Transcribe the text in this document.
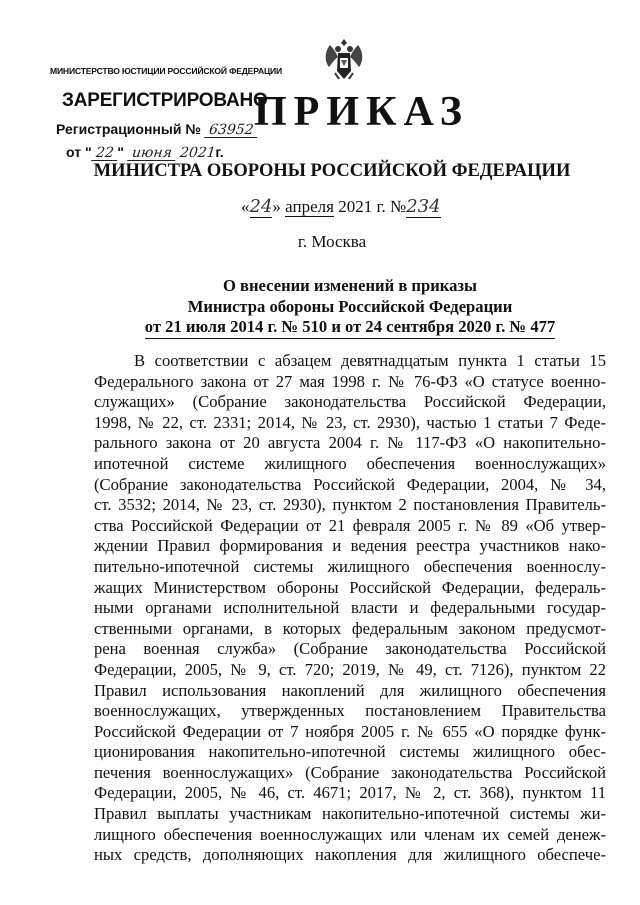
МИНИСТЕРСТВО ЮСТИЦИИ РОССИЙСКОЙ ФЕДЕРАЦИИ
ЗАРЕГИСТРИРОВАНО
Регистрационный № 63952
от " 22 " июня 2021г.
ПРИКАЗ
МИНИСТРА ОБОРОНЫ РОССИЙСКОЙ ФЕДЕРАЦИИ
«24» апреля 2021 г. №234
г. Москва
О внесении изменений в приказы
Министра обороны Российской Федерации
от 21 июля 2014 г. № 510 и от 24 сентября 2020 г. № 477
В соответствии с абзацем девятнадцатым пункта 1 статьи 15
Федерального закона от 27 мая 1998 г. № 76-ФЗ «О статусе военно-
служащих» (Собрание законодательства Российской Федерации,
1998, № 22, ст. 2331; 2014, № 23, ст. 2930), частью 1 статьи 7 Феде-
рального закона от 20 августа 2004 г. № 117-ФЗ «О накопительно-
ипотечной системе жилищного обеспечения военнослужащих»
(Собрание законодательства Российской Федерации, 2004, № 34,
ст. 3532; 2014, № 23, ст. 2930), пунктом 2 постановления Правитель-
ства Российской Федерации от 21 февраля 2005 г. № 89 «Об утвер-
ждении Правил формирования и ведения реестра участников нако-
пительно-ипотечной системы жилищного обеспечения военнослу-
жащих Министерством обороны Российской Федерации, федераль-
ными органами исполнительной власти и федеральными государ-
ственными органами, в которых федеральным законом предусмот-
рена военная служба» (Собрание законодательства Российской
Федерации, 2005, № 9, ст. 720; 2019, № 49, ст. 7126), пунктом 22
Правил использования накоплений для жилищного обеспечения
военнослужащих, утвержденных постановлением Правительства
Российской Федерации от 7 ноября 2005 г. № 655 «О порядке функ-
ционирования накопительно-ипотечной системы жилищного обес-
печения военнослужащих» (Собрание законодательства Российской
Федерации, 2005, № 46, ст. 4671; 2017, № 2, ст. 368), пунктом 11
Правил выплаты участникам накопительно-ипотечной системы жи-
лищного обеспечения военнослужащих или членам их семей денеж-
ных средств, дополняющих накопления для жилищного обеспече-
